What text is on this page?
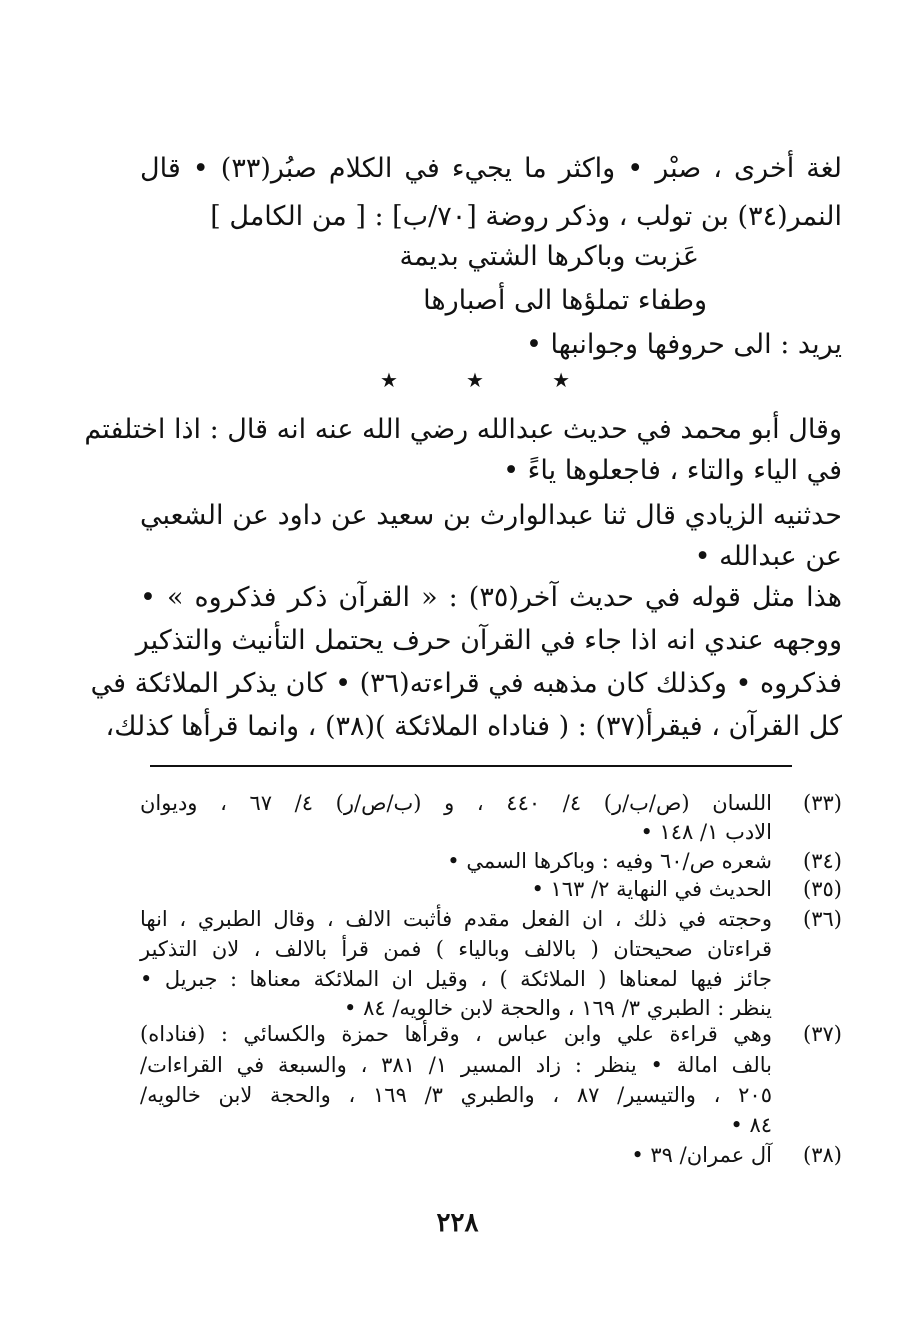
لغة أخرى ، صبْر • واكثر ما يجيء في الكلام صبُر(٣٣) • قال
النمر(٣٤) بن تولب ، وذكر روضة [٧٠/ب] : [ من الكامل ]
عَزبت وباكرها الشتي بديمة
وطفاء تملؤها الى أصبارها
يريد : الى حروفها وجوانبها •
★	★	★
وقال أبو محمد في حديث عبدالله رضي الله عنه انه قال : اذا اختلفتم
في الياء والتاء ، فاجعلوها ياءً •
حدثنيه الزيادي قال ثنا عبدالوارث بن سعيد عن داود عن الشعبي
عن عبدالله •
هذا مثل قوله في حديث آخر(٣٥) : « القرآن ذكر فذكروه » •
ووجهه عندي انه اذا جاء في القرآن حرف يحتمل التأنيث والتذكير
فذكروه • وكذلك كان مذهبه في قراءته(٣٦) • كان يذكر الملائكة في
كل القرآن ، فيقرأ(٣٧) : ( فناداه الملائكة )(٣٨) ، وانما قرأها كذلك،
(٣٣)
اللسان (ص/ب/ر) ٤/ ٤٤٠ ، و (ب/ص/ر) ٤/ ٦٧ ، وديوان
الادب ١/ ١٤٨ •
(٣٤)
شعره ص/٦٠ وفيه : وباكرها السمي •
(٣٥)
الحديث في النهاية ٢/ ١٦٣ •
(٣٦)
وحجته في ذلك ، ان الفعل مقدم فأثبت الالف ، وقال الطبري ، انها
قراءتان صحيحتان ( بالالف وبالياء ) فمن قرأ بالالف ، لان التذكير
جائز فيها لمعناها ( الملائكة ) ، وقيل ان الملائكة معناها : جبريل •
ينظر : الطبري ٣/ ١٦٩ ، والحجة لابن خالويه/ ٨٤ •
(٣٧)
وهي قراءة علي وابن عباس ، وقرأها حمزة والكسائي : (فناداه)
بالف امالة • ينظر : زاد المسير ١/ ٣٨١ ، والسبعة في القراءات/
٢٠٥ ، والتيسير/ ٨٧ ، والطبري ٣/ ١٦٩ ، والحجة لابن خالويه/
٨٤ •
(٣٨)
آل عمران/ ٣٩ •
٢٢٨
